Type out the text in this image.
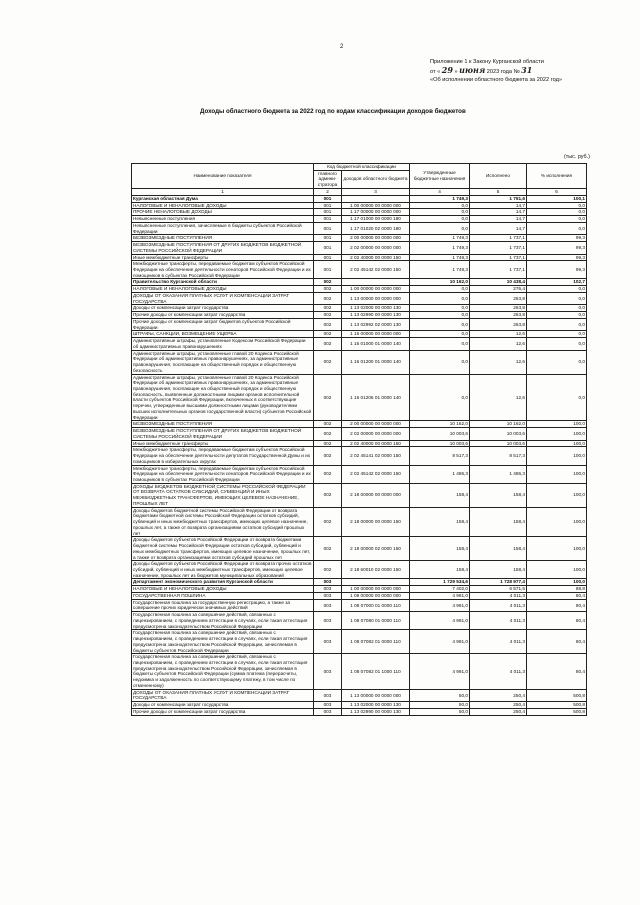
2
Приложение 1 к Закону Курганской области
от « 29 » июня 2023 года № 31
«Об исполнении областного бюджета за 2022 год»
Доходы областного бюджета за 2022 год по кодам классификации доходов бюджетов
(тыс. руб.)
Наименование показателя	Код бюджетной классификации		Утвержденные бюджетные назначения	Исполнено	% исполнения
	главного админи-стратора	доходов областного бюджета			
1	2	3	4	5	6
Курганская областная Дума	001		1 749,3	1 751,6	100,1
НАЛОГОВЫЕ И НЕНАЛОГОВЫЕ ДОХОДЫ	001	1 00 00000 00 0000 000	0,0	14,7	0,0
ПРОЧИЕ НЕНАЛОГОВЫЕ ДОХОДЫ	001	1 17 00000 00 0000 000	0,0	14,7	0,0
Невыясненные поступления	001	1 17 01000 00 0000 180	0,0	14,7	0,0
Невыясненные поступления, зачисляемые в бюджеты субъектов Российской Федерации	001	1 17 01020 02 0000 180	0,0	14,7	0,0
БЕЗВОЗМЕЗДНЫЕ ПОСТУПЛЕНИЯ	001	2 00 00000 00 0000 000	1 749,3	1 737,1	99,3
БЕЗВОЗМЕЗДНЫЕ ПОСТУПЛЕНИЯ ОТ ДРУГИХ БЮДЖЕТОВ БЮДЖЕТНОЙ СИСТЕМЫ РОССИЙСКОЙ ФЕДЕРАЦИИ	001	2 02 00000 00 0000 000	1 749,3	1 737,1	99,3
Иные межбюджетные трансферты	001	2 02 40000 00 0000 150	1 749,3	1 737,1	99,3
Межбюджетные трансферты, передаваемые бюджетам субъектов Российской Федерации на обеспечение деятельности сенаторов Российской Федерации и их помощников в субъектах Российской Федерации	001	2 02 45142 02 0000 150	1 749,3	1 737,1	99,3
Правительство Курганской области	002		10 162,0	10 438,4	102,7
НАЛОГОВЫЕ И НЕНАЛОГОВЫЕ ДОХОДЫ	002	1 00 00000 00 0000 000	0,0	276,4	0,0
ДОХОДЫ ОТ ОКАЗАНИЯ ПЛАТНЫХ УСЛУГ И КОМПЕНСАЦИИ ЗАТРАТ ГОСУДАРСТВА	002	1 13 00000 00 0000 000	0,0	263,8	0,0
Доходы от компенсации затрат государства	002	1 13 02000 00 0000 130	0,0	263,8	0,0
Прочие доходы от компенсации затрат государства	002	1 13 02990 00 0000 130	0,0	263,8	0,0
Прочие доходы от компенсации затрат бюджетов субъектов Российской Федерации	002	1 13 02992 02 0000 130	0,0	263,8	0,0
ШТРАФЫ, САНКЦИИ, ВОЗМЕЩЕНИЕ УЩЕРБА	002	1 16 00000 00 0000 000	0,0	12,6	0,0
Административные штрафы, установленные Кодексом Российской Федерации об административных правонарушениях	002	1 16 01000 01 0000 140	0,0	12,6	0,0
Административные штрафы, установленные главой 20 Кодекса Российской Федерации об административных правонарушениях, за административные правонарушения, посягающие на общественный порядок и общественную безопасность	002	1 16 01200 01 0000 140	0,0	12,6	0,0
Административные штрафы, установленные главой 20 Кодекса Российской Федерации об административных правонарушениях, за административные правонарушения, посягающие на общественный порядок и общественную безопасность, выявленные должностными лицами органов исполнительной власти субъектов Российской Федерации, включенных в соответствующие перечни, утвержденные высшими должностными лицами (руководителями высших исполнительных органов государственной власти) субъектов Российской Федерации	002	1 16 01206 01 0000 140	0,0	12,6	0,0
БЕЗВОЗМЕЗДНЫЕ ПОСТУПЛЕНИЯ	002	2 00 00000 00 0000 000	10 162,0	10 162,0	100,0
БЕЗВОЗМЕЗДНЫЕ ПОСТУПЛЕНИЯ ОТ ДРУГИХ БЮДЖЕТОВ БЮДЖЕТНОЙ СИСТЕМЫ РОССИЙСКОЙ ФЕДЕРАЦИИ	002	2 02 00000 00 0000 000	10 003,6	10 003,6	100,0
Иные межбюджетные трансферты	002	2 02 40000 00 0000 150	10 003,6	10 003,6	100,0
Межбюджетные трансферты, передаваемые бюджетам субъектов Российской Федерации на обеспечение деятельности депутатов Государственной Думы и их помощников в избирательных округах	002	2 02 45141 02 0000 150	8 517,3	8 517,3	100,0
Межбюджетные трансферты, передаваемые бюджетам субъектов Российской Федерации на обеспечение деятельности сенаторов Российской Федерации и их помощников в субъектах Российской Федерации	002	2 02 45142 02 0000 150	1 486,3	1 486,3	100,0
ДОХОДЫ БЮДЖЕТОВ БЮДЖЕТНОЙ СИСТЕМЫ РОССИЙСКОЙ ФЕДЕРАЦИИ ОТ ВОЗВРАТА ОСТАТКОВ СУБСИДИЙ, СУБВЕНЦИЙ И ИНЫХ МЕЖБЮДЖЕТНЫХ ТРАНСФЕРТОВ, ИМЕЮЩИХ ЦЕЛЕВОЕ НАЗНАЧЕНИЕ, ПРОШЛЫХ ЛЕТ	002	2 18 00000 00 0000 000	158,4	158,4	100,0
Доходы бюджетов бюджетной системы Российской Федерации от возврата бюджетами бюджетной системы Российской Федерации остатков субсидий, субвенций и иных межбюджетных трансфертов, имеющих целевое назначение, прошлых лет, а также от возврата организациями остатков субсидий прошлых лет	002	2 18 00000 00 0000 150	158,4	158,4	100,0
Доходы бюджетов субъектов Российской Федерации от возврата бюджетами бюджетной системы Российской Федерации остатков субсидий, субвенций и иных межбюджетных трансфертов, имеющих целевое назначение, прошлых лет, а также от возврата организациями остатков субсидий прошлых лет	002	2 18 00000 02 0000 150	158,4	158,4	100,0
Доходы бюджетов субъектов Российской Федерации от возврата прочих остатков субсидий, субвенций и иных межбюджетных трансфертов, имеющих целевое назначение, прошлых лет из бюджетов муниципальных образований	002	2 18 60010 02 0000 150	158,4	158,4	100,0
Департамент экономического развития Курганской области	003		1 729 534,6	1 728 977,4	100,0
НАЛОГОВЫЕ И НЕНАЛОГОВЫЕ ДОХОДЫ	003	1 00 00000 00 0000 000	7 402,0	6 571,5	88,8
ГОСУДАРСТВЕННАЯ ПОШЛИНА	003	1 08 00000 00 0000 000	4 991,0	4 011,3	80,4
Государственная пошлина за государственную регистрацию, а также за совершение прочих юридически значимых действий	003	1 08 07000 01 0000 110	4 991,0	4 011,3	80,4
Государственная пошлина за совершение действий, связанных с лицензированием, с проведением аттестации в случаях, если такая аттестация предусмотрена законодательством Российской Федерации	003	1 08 07080 01 0000 110	4 991,0	4 011,3	80,4
Государственная пошлина за совершение действий, связанных с лицензированием, с проведением аттестации в случаях, если такая аттестация предусмотрена законодательством Российской Федерации, зачисляемая в бюджеты субъектов Российской Федерации	003	1 08 07082 01 0000 110	4 991,0	4 011,3	80,4
Государственная пошлина за совершение действий, связанных с лицензированием, с проведением аттестации в случаях, если такая аттестация предусмотрена законодательством Российской Федерации, зачисляемая в бюджеты субъектов Российской Федерации (сумма платежа (перерасчеты, недоимка и задолженность по соответствующему платежу, в том числе по отмененному)	003	1 08 07082 01 1000 110	4 991,0	4 011,3	80,4
ДОХОДЫ ОТ ОКАЗАНИЯ ПЛАТНЫХ УСЛУГ И КОМПЕНСАЦИИ ЗАТРАТ ГОСУДАРСТВА	003	1 13 00000 00 0000 000	50,0	250,4	500,8
Доходы от компенсации затрат государства	003	1 13 02000 00 0000 130	50,0	250,4	500,8
Прочие доходы от компенсации затрат государства	003	1 13 02990 00 0000 130	50,0	250,4	500,8
